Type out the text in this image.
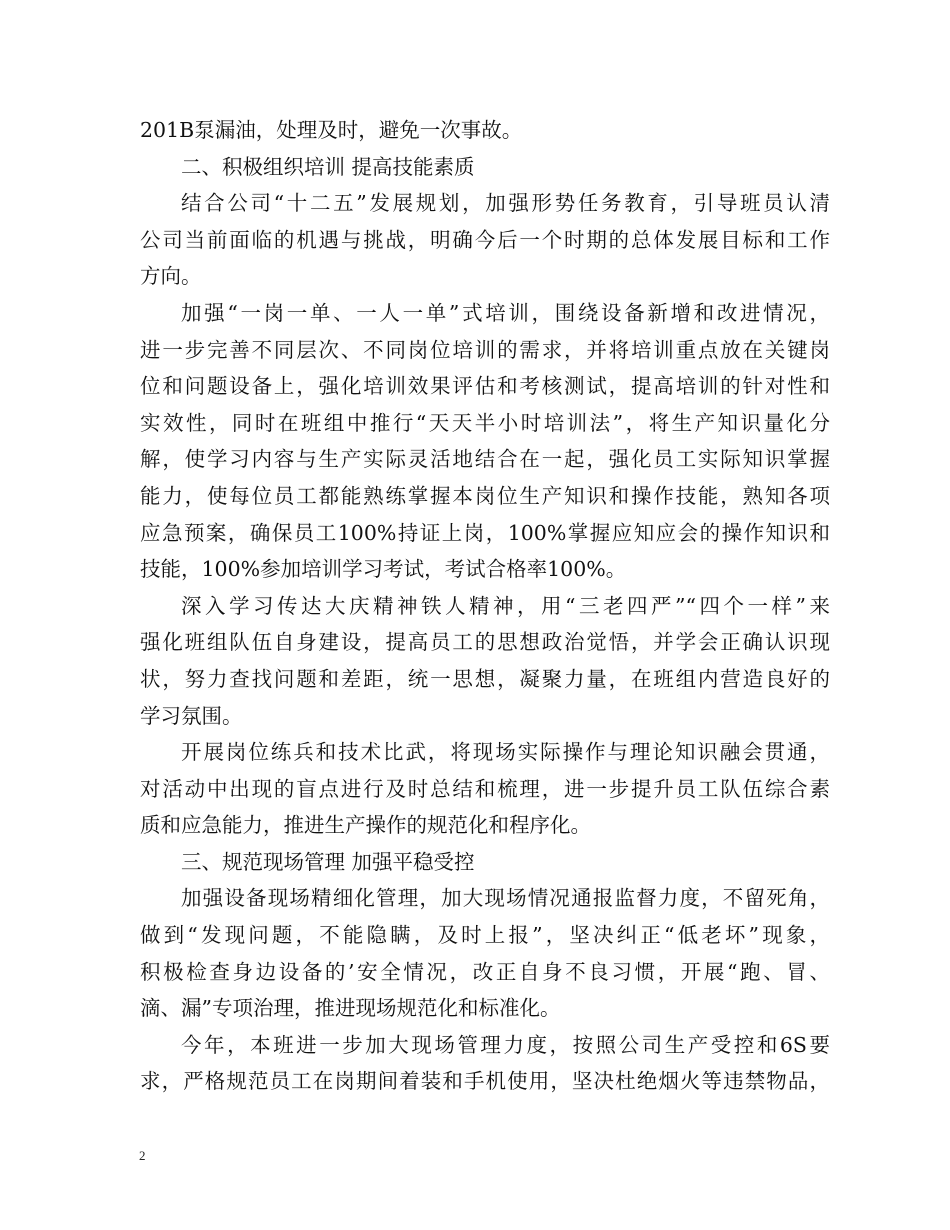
201B泵漏油，处理及时，避免一次事故。
二、积极组织培训 提高技能素质
结合公司“十二五”发展规划，加强形势任务教育，引导班员认清
公司当前面临的机遇与挑战，明确今后一个时期的总体发展目标和工作
方向。
加强“一岗一单、一人一单”式培训，围绕设备新增和改进情况，
进一步完善不同层次、不同岗位培训的需求，并将培训重点放在关键岗
位和问题设备上，强化培训效果评估和考核测试，提高培训的针对性和
实效性，同时在班组中推行“天天半小时培训法”，将生产知识量化分
解，使学习内容与生产实际灵活地结合在一起，强化员工实际知识掌握
能力，使每位员工都能熟练掌握本岗位生产知识和操作技能，熟知各项
应急预案，确保员工100%持证上岗，100%掌握应知应会的操作知识和
技能，100%参加培训学习考试，考试合格率100%。
深入学习传达大庆精神铁人精神，用“三老四严”“四个一样”来
强化班组队伍自身建设，提高员工的思想政治觉悟，并学会正确认识现
状，努力查找问题和差距，统一思想，凝聚力量，在班组内营造良好的
学习氛围。
开展岗位练兵和技术比武，将现场实际操作与理论知识融会贯通，
对活动中出现的盲点进行及时总结和梳理，进一步提升员工队伍综合素
质和应急能力，推进生产操作的规范化和程序化。
三、规范现场管理 加强平稳受控
加强设备现场精细化管理，加大现场情况通报监督力度，不留死角，
做到“发现问题，不能隐瞒，及时上报”，坚决纠正“低老坏”现象，
积极检查身边设备的’安全情况，改正自身不良习惯，开展“跑、冒、
滴、漏”专项治理，推进现场规范化和标准化。
今年，本班进一步加大现场管理力度，按照公司生产受控和6S要
求，严格规范员工在岗期间着装和手机使用，坚决杜绝烟火等违禁物品，
2
